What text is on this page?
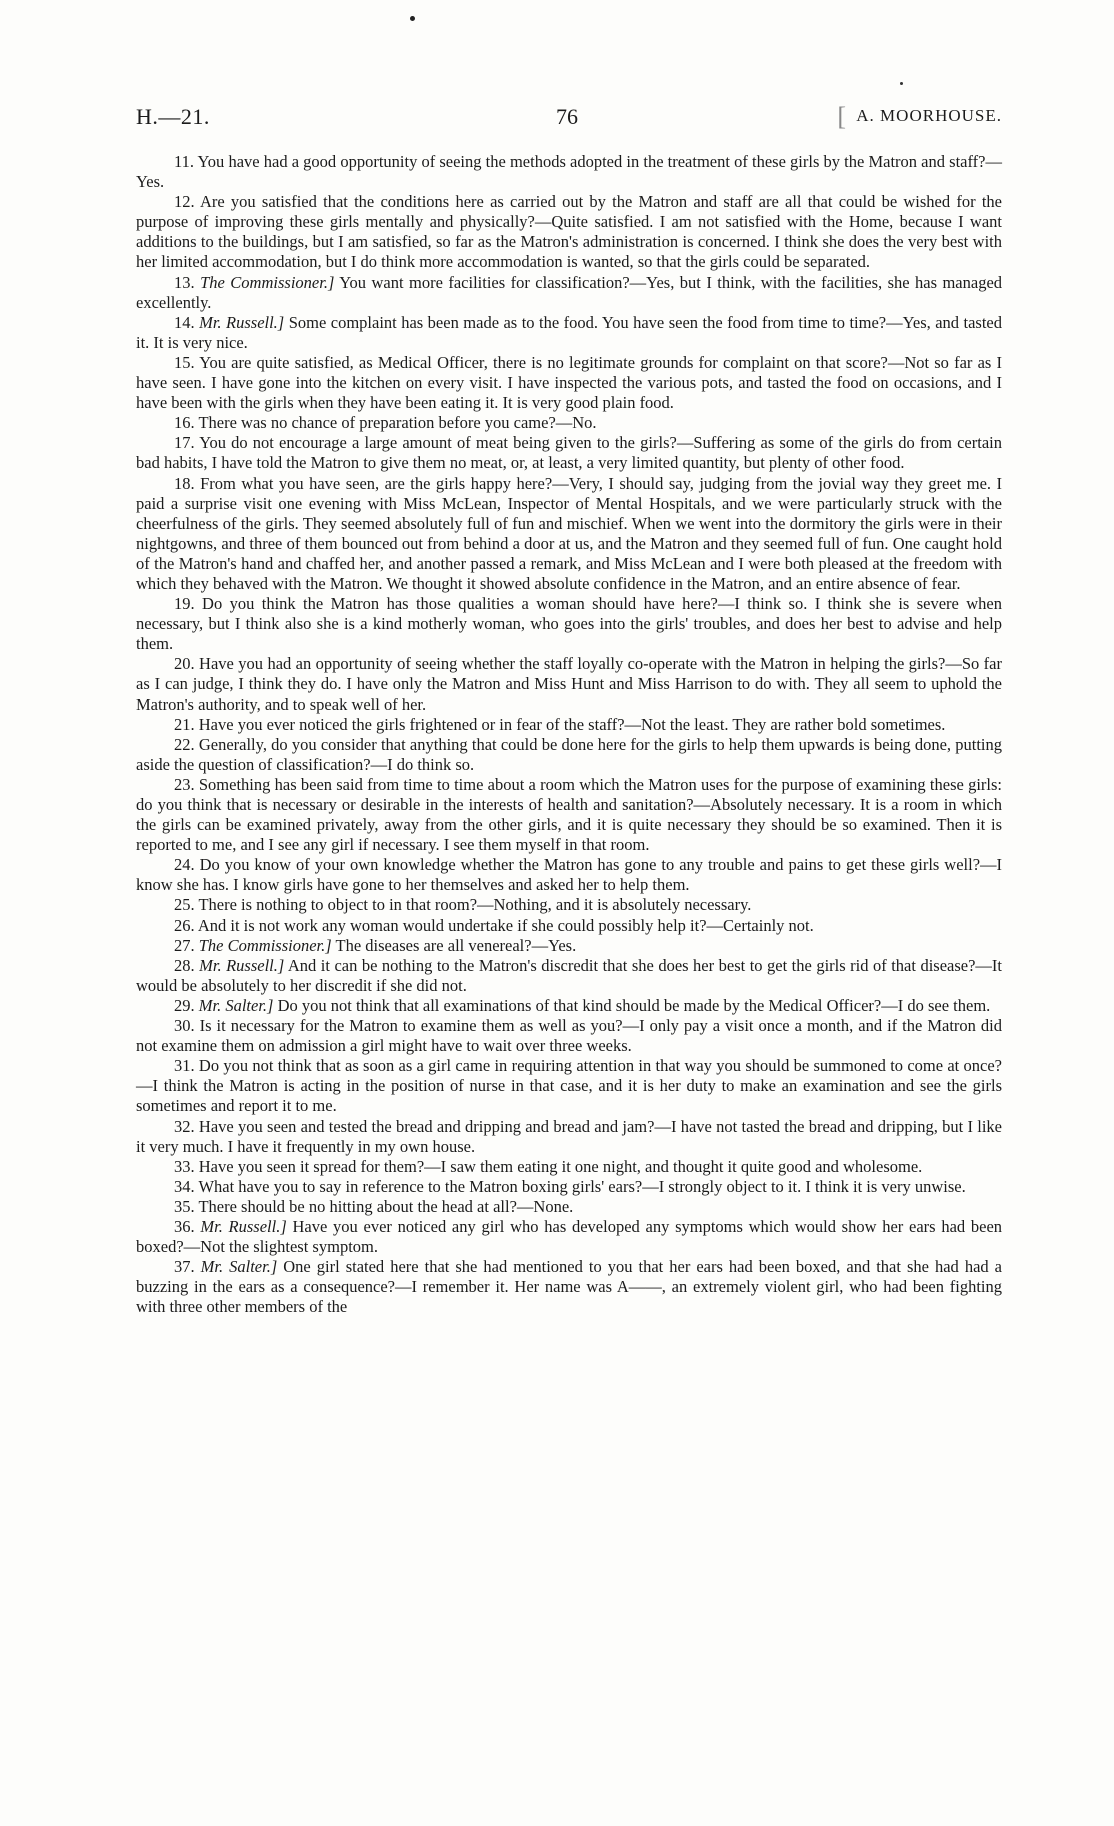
H.—21.	76	[ A. MOORHOUSE.

11. You have had a good opportunity of seeing the methods adopted in the treatment of these girls by the Matron and staff?—Yes.

12. Are you satisfied that the conditions here as carried out by the Matron and staff are all that could be wished for the purpose of improving these girls mentally and physically?—Quite satisfied. I am not satisfied with the Home, because I want additions to the buildings, but I am satisfied, so far as the Matron's administration is concerned. I think she does the very best with her limited accommodation, but I do think more accommodation is wanted, so that the girls could be separated.

13. The Commissioner.] You want more facilities for classification?—Yes, but I think, with the facilities, she has managed excellently.

14. Mr. Russell.] Some complaint has been made as to the food. You have seen the food from time to time?—Yes, and tasted it. It is very nice.

15. You are quite satisfied, as Medical Officer, there is no legitimate grounds for complaint on that score?—Not so far as I have seen. I have gone into the kitchen on every visit. I have inspected the various pots, and tasted the food on occasions, and I have been with the girls when they have been eating it. It is very good plain food.

16. There was no chance of preparation before you came?—No.

17. You do not encourage a large amount of meat being given to the girls?—Suffering as some of the girls do from certain bad habits, I have told the Matron to give them no meat, or, at least, a very limited quantity, but plenty of other food.

18. From what you have seen, are the girls happy here?—Very, I should say, judging from the jovial way they greet me. I paid a surprise visit one evening with Miss McLean, Inspector of Mental Hospitals, and we were particularly struck with the cheerfulness of the girls. They seemed absolutely full of fun and mischief. When we went into the dormitory the girls were in their nightgowns, and three of them bounced out from behind a door at us, and the Matron and they seemed full of fun. One caught hold of the Matron's hand and chaffed her, and another passed a remark, and Miss McLean and I were both pleased at the freedom with which they behaved with the Matron. We thought it showed absolute confidence in the Matron, and an entire absence of fear.

19. Do you think the Matron has those qualities a woman should have here?—I think so. I think she is severe when necessary, but I think also she is a kind motherly woman, who goes into the girls' troubles, and does her best to advise and help them.

20. Have you had an opportunity of seeing whether the staff loyally co-operate with the Matron in helping the girls?—So far as I can judge, I think they do. I have only the Matron and Miss Hunt and Miss Harrison to do with. They all seem to uphold the Matron's authority, and to speak well of her.

21. Have you ever noticed the girls frightened or in fear of the staff?—Not the least. They are rather bold sometimes.

22. Generally, do you consider that anything that could be done here for the girls to help them upwards is being done, putting aside the question of classification?—I do think so.

23. Something has been said from time to time about a room which the Matron uses for the purpose of examining these girls: do you think that is necessary or desirable in the interests of health and sanitation?—Absolutely necessary. It is a room in which the girls can be examined privately, away from the other girls, and it is quite necessary they should be so examined. Then it is reported to me, and I see any girl if necessary. I see them myself in that room.

24. Do you know of your own knowledge whether the Matron has gone to any trouble and pains to get these girls well?—I know she has. I know girls have gone to her themselves and asked her to help them.

25. There is nothing to object to in that room?—Nothing, and it is absolutely necessary.

26. And it is not work any woman would undertake if she could possibly help it?—Certainly not.

27. The Commissioner.] The diseases are all venereal?—Yes.

28. Mr. Russell.] And it can be nothing to the Matron's discredit that she does her best to get the girls rid of that disease?—It would be absolutely to her discredit if she did not.

29. Mr. Salter.] Do you not think that all examinations of that kind should be made by the Medical Officer?—I do see them.

30. Is it necessary for the Matron to examine them as well as you?—I only pay a visit once a month, and if the Matron did not examine them on admission a girl might have to wait over three weeks.

31. Do you not think that as soon as a girl came in requiring attention in that way you should be summoned to come at once?—I think the Matron is acting in the position of nurse in that case, and it is her duty to make an examination and see the girls sometimes and report it to me.

32. Have you seen and tested the bread and dripping and bread and jam?—I have not tasted the bread and dripping, but I like it very much. I have it frequently in my own house.

33. Have you seen it spread for them?—I saw them eating it one night, and thought it quite good and wholesome.

34. What have you to say in reference to the Matron boxing girls' ears?—I strongly object to it. I think it is very unwise.

35. There should be no hitting about the head at all?—None.

36. Mr. Russell.] Have you ever noticed any girl who has developed any symptoms which would show her ears had been boxed?—Not the slightest symptom.

37. Mr. Salter.] One girl stated here that she had mentioned to you that her ears had been boxed, and that she had had a buzzing in the ears as a consequence?—I remember it. Her name was A——, an extremely violent girl, who had been fighting with three other members of the
